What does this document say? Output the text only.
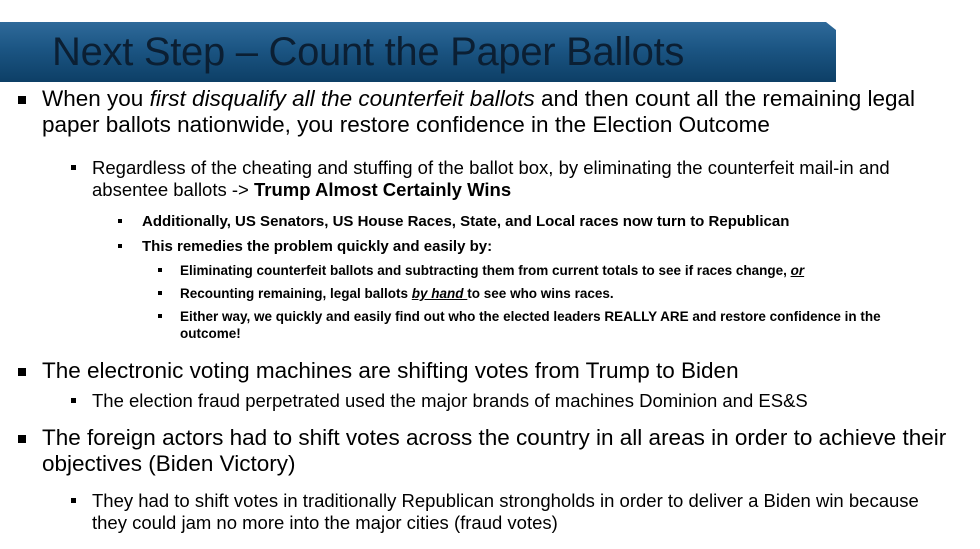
Next Step – Count the Paper Ballots
When you first disqualify all the counterfeit ballots and then count all the remaining legal paper ballots nationwide, you restore confidence in the Election Outcome
Regardless of the cheating and stuffing of the ballot box, by eliminating the counterfeit mail-in and absentee ballots -> Trump Almost Certainly Wins
Additionally, US Senators, US House Races, State, and Local races now turn to Republican
This remedies the problem quickly and easily by:
Eliminating counterfeit ballots and subtracting them from current totals to see if races change, or
Recounting remaining, legal ballots by hand to see who wins races.
Either way, we quickly and easily find out who the elected leaders REALLY ARE and restore confidence in the outcome!
The electronic voting machines are shifting votes from Trump to Biden
The election fraud perpetrated used the major brands of machines Dominion and ES&S
The foreign actors had to shift votes across the country in all areas in order to achieve their objectives (Biden Victory)
They had to shift votes in traditionally Republican strongholds in order to deliver a Biden win because they could jam no more into the major cities (fraud votes)
